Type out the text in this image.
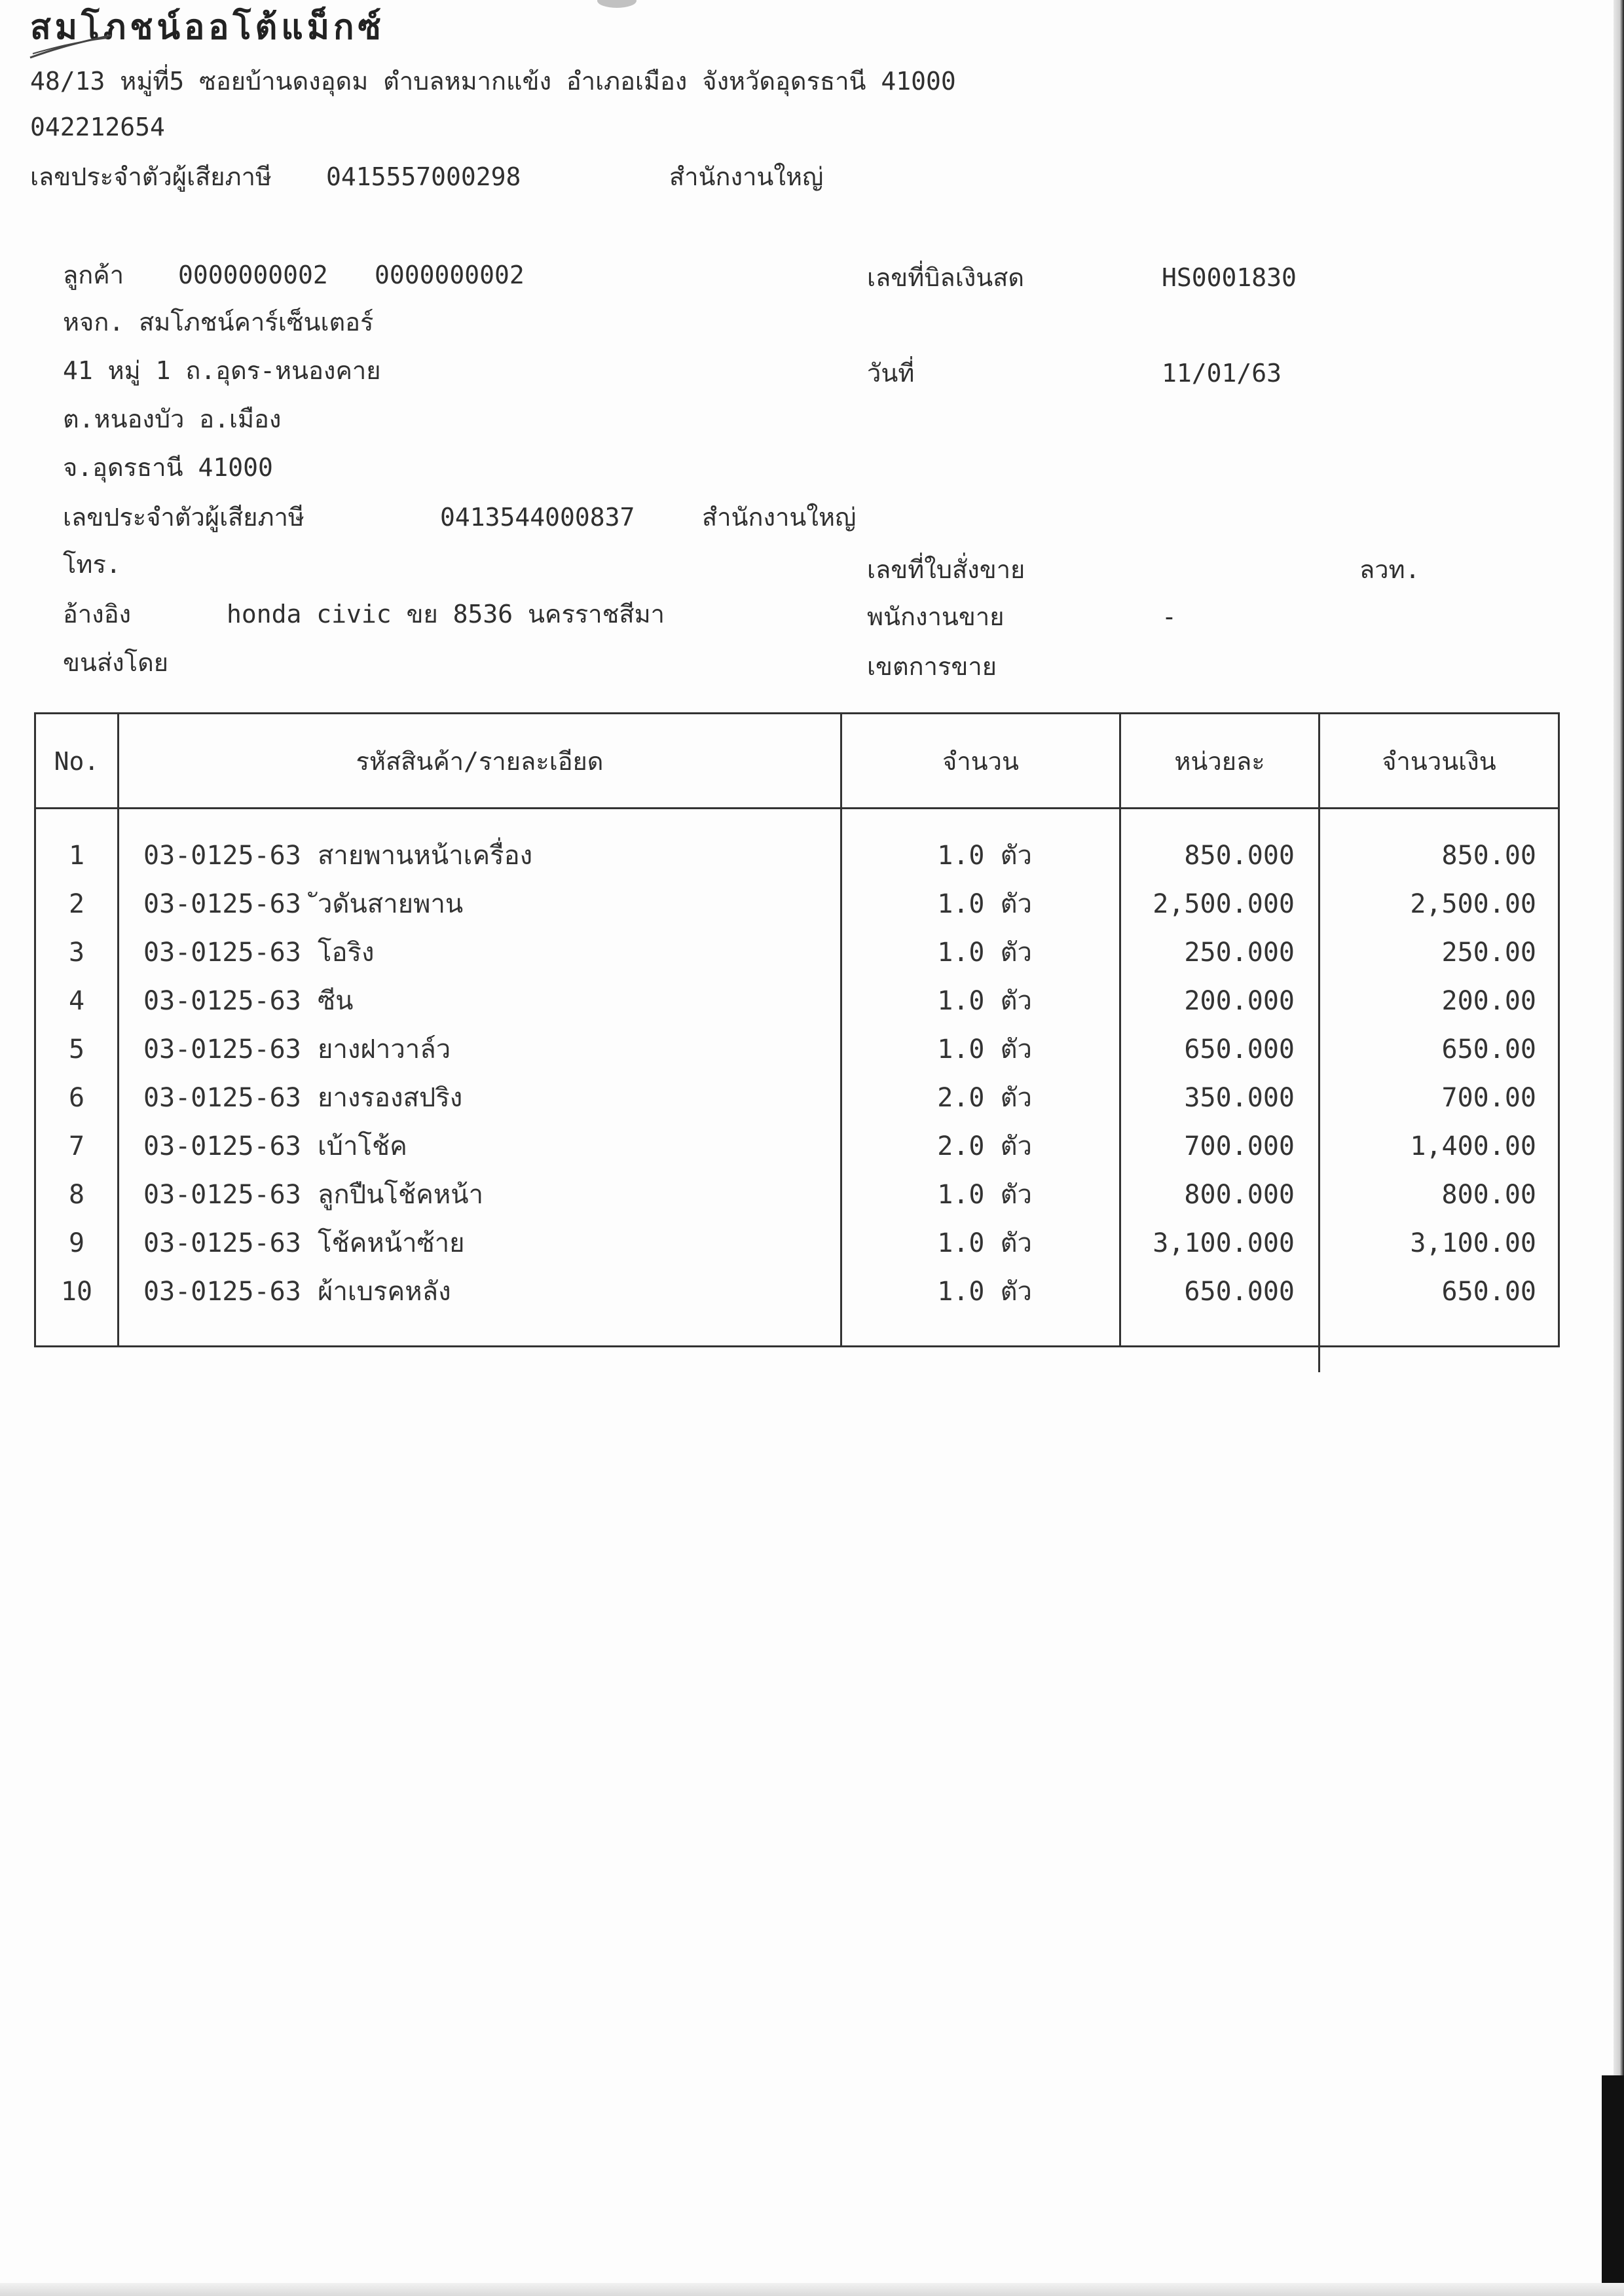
สมโภชน์ออโต้แม็กซ์
48/13 หมู่ที่5 ซอยบ้านดงอุดม ตำบลหมากแข้ง อำเภอเมือง จังหวัดอุดรธานี 41000
042212654
เลขประจำตัวผู้เสียภาษี 0415557000298	สำนักงานใหญ่
ลูกค้า 0000000002 0000000002
หจก. สมโภชน์คาร์เซ็นเตอร์
41 หมู่ 1 ถ.อุดร-หนองคาย
ต.หนองบัว อ.เมือง
จ.อุดรธานี 41000
เลขประจำตัวผู้เสียภาษี	0413544000837	สำนักงานใหญ่
โทร.
อ้างอิง	honda civic ขย 8536 นครราชสีมา
ขนส่งโดย
เลขที่บิลเงินสด	HS0001830
วันที่	11/01/63
เลขที่ใบสั่งขาย	ลวท.
พนักงานขาย	-
เขตการขาย
No.	รหัสสินค้า/รายละเอียด	จำนวน	หน่วยละ	จำนวนเงิน
1	03-0125-63 สายพานหน้าเครื่อง	1.0 ตัว	850.000	850.00
2	03-0125-63 ัวดันสายพาน	1.0 ตัว	2,500.000	2,500.00
3	03-0125-63 โอริง	1.0 ตัว	250.000	250.00
4	03-0125-63 ซีน	1.0 ตัว	200.000	200.00
5	03-0125-63 ยางฝาวาล์ว	1.0 ตัว	650.000	650.00
6	03-0125-63 ยางรองสปริง	2.0 ตัว	350.000	700.00
7	03-0125-63 เบ้าโช้ค	2.0 ตัว	700.000	1,400.00
8	03-0125-63 ลูกปืนโช้คหน้า	1.0 ตัว	800.000	800.00
9	03-0125-63 โช้คหน้าซ้าย	1.0 ตัว	3,100.000	3,100.00
10	03-0125-63 ผ้าเบรคหลัง	1.0 ตัว	650.000	650.00
